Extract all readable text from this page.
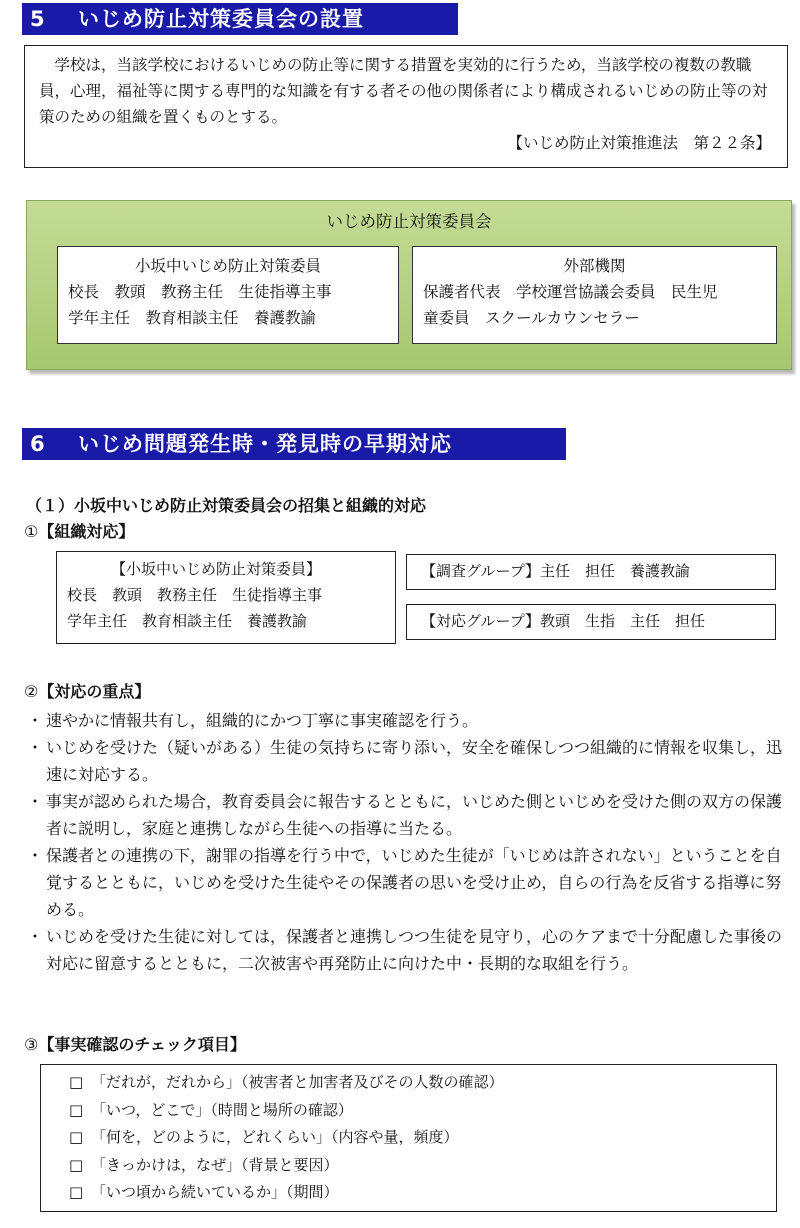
5 いじめ防止対策委員会の設置
学校は，当該学校におけるいじめの防止等に関する措置を実効的に行うため，当該学校の複数の教職員，心理，福祉等に関する専門的な知識を有する者その他の関係者により構成されるいじめの防止等の対策のための組織を置くものとする。
【いじめ防止対策推進法　第２２条】
いじめ防止対策委員会
小坂中いじめ防止対策委員
校長　教頭　教務主任　生徒指導主事
学年主任　教育相談主任　養護教諭
外部機関
保護者代表　学校運営協議会委員　民生児
童委員　スクールカウンセラー
6 いじめ問題発生時・発見時の早期対応
（１）小坂中いじめ防止対策委員会の招集と組織的対応
①【組織対応】
【小坂中いじめ防止対策委員】
校長　教頭　教務主任　生徒指導主事
学年主任　教育相談主任　養護教諭
【調査グループ】主任　担任　養護教諭
【対応グループ】教頭　生指　主任　担任
②【対応の重点】
・ 速やかに情報共有し，組織的にかつ丁寧に事実確認を行う。
・ いじめを受けた（疑いがある）生徒の気持ちに寄り添い，安全を確保しつつ組織的に情報を収集し，迅速に対応する。
・ 事実が認められた場合，教育委員会に報告するとともに，いじめた側といじめを受けた側の双方の保護者に説明し，家庭と連携しながら生徒への指導に当たる。
・ 保護者との連携の下，謝罪の指導を行う中で，いじめた生徒が「いじめは許されない」ということを自覚するとともに，いじめを受けた生徒やその保護者の思いを受け止め，自らの行為を反省する指導に努める。
・ いじめを受けた生徒に対しては，保護者と連携しつつ生徒を見守り，心のケアまで十分配慮した事後の対応に留意するとともに，二次被害や再発防止に向けた中・長期的な取組を行う。
③【事実確認のチェック項目】
□ 「だれが，だれから」（被害者と加害者及びその人数の確認）
□ 「いつ，どこで」（時間と場所の確認）
□ 「何を，どのように，どれくらい」（内容や量，頻度）
□ 「きっかけは，なぜ」（背景と要因）
□ 「いつ頃から続いているか」（期間）
